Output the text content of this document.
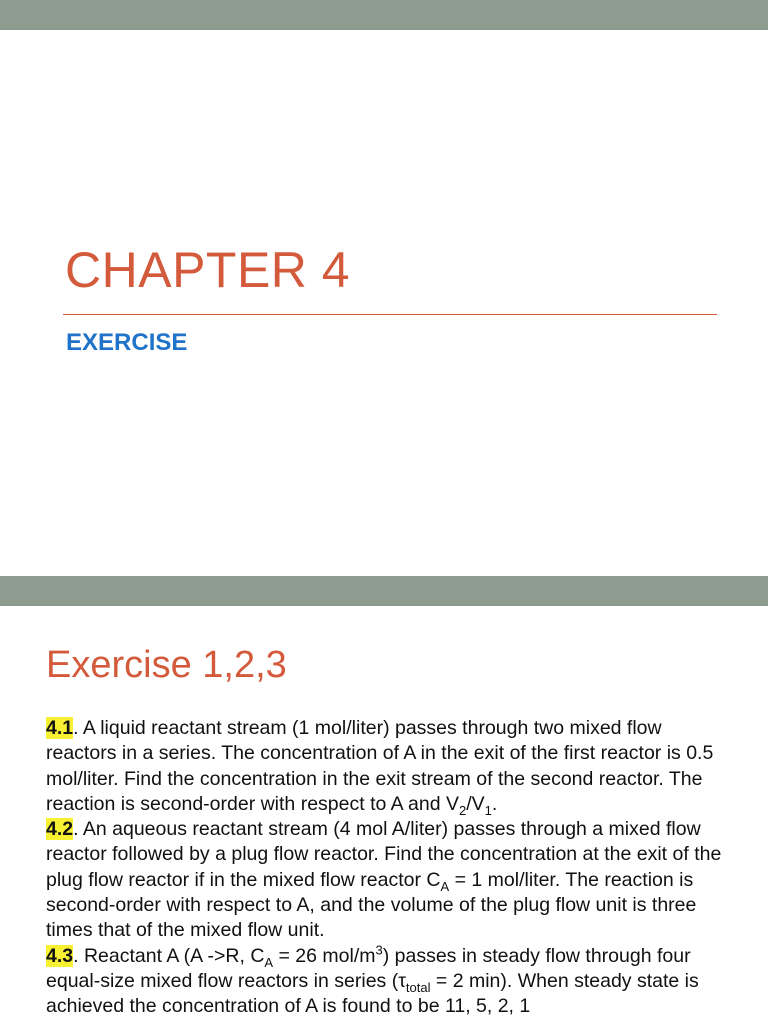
CHAPTER 4
EXERCISE
Exercise 1,2,3

4.1. A liquid reactant stream (1 mol/liter) passes through two mixed flow reactors in a series. The concentration of A in the exit of the first reactor is 0.5 mol/liter. Find the concentration in the exit stream of the second reactor. The reaction is second-order with respect to A and $V_2/V_1$.

4.2. An aqueous reactant stream (4 mol A/liter) passes through a mixed flow reactor followed by a plug flow reactor. Find the concentration at the exit of the plug flow reactor if in the mixed flow reactor $C_A = 1$ mol/liter. The reaction is second-order with respect to A, and the volume of the plug flow unit is three times that of the mixed flow unit.

4.3. Reactant A (A ->R, $C_A = 26$ mol/$m^3$) passes in steady flow through four equal-size mixed flow reactors in series ($\tau_{total} = 2$ min). When steady state is achieved the concentration of A is found to be 11, 5, 2, 1
